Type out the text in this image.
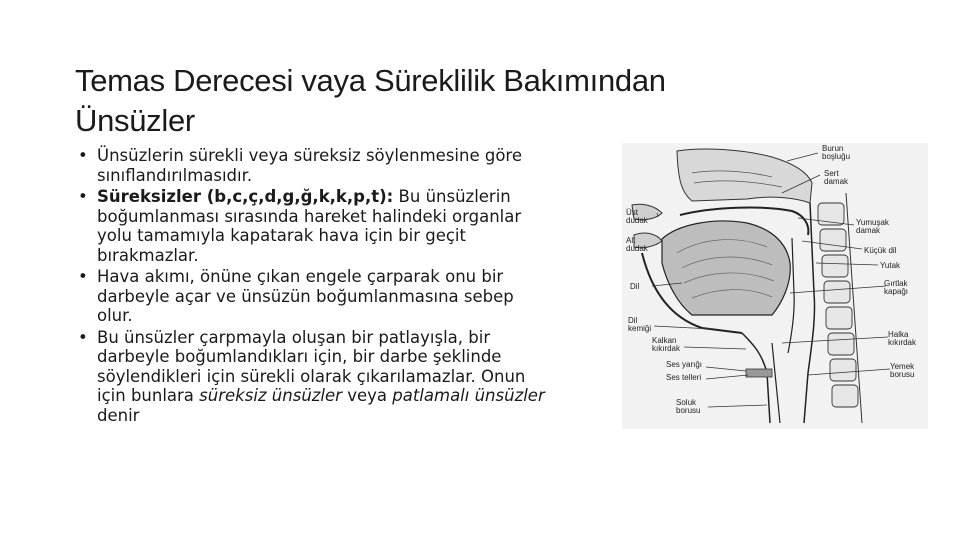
Temas Derecesi vaya Süreklilik Bakımından
Ünsüzler
• Ünsüzlerin sürekli veya süreksiz söylenmesine göre sınıflandırılmasıdır.
• Süreksizler (b,c,ç,d,g,ğ,k,k,p,t): Bu ünsüzlerin boğumlanması sırasında hareket halindeki organlar yolu tamamıyla kapatarak hava için bir geçit bırakmazlar.
• Hava akımı, önüne çıkan engele çarparak onu bir darbeyle açar ve ünsüzün boğumlanmasına sebep olur.
• Bu ünsüzler çarpmayla oluşan bir patlayışla, bir darbeyle boğumlandıkları için, bir darbe şeklinde söylendikleri için sürekli olarak çıkarılamazlar. Onun için bunlara süreksiz ünsüzler veya patlamalı ünsüzler denir
Burun boşluğu
Sert damak
Yumuşak damak
Küçük dil
Yutak
Gırtlak kapağı
Halka kıkırdak
Yemek borusu
Üst dudak
Alt dudak
Dil
Dil kemiği
Kalkan kıkırdak
Ses yarığı
Ses telleri
Soluk borusu
